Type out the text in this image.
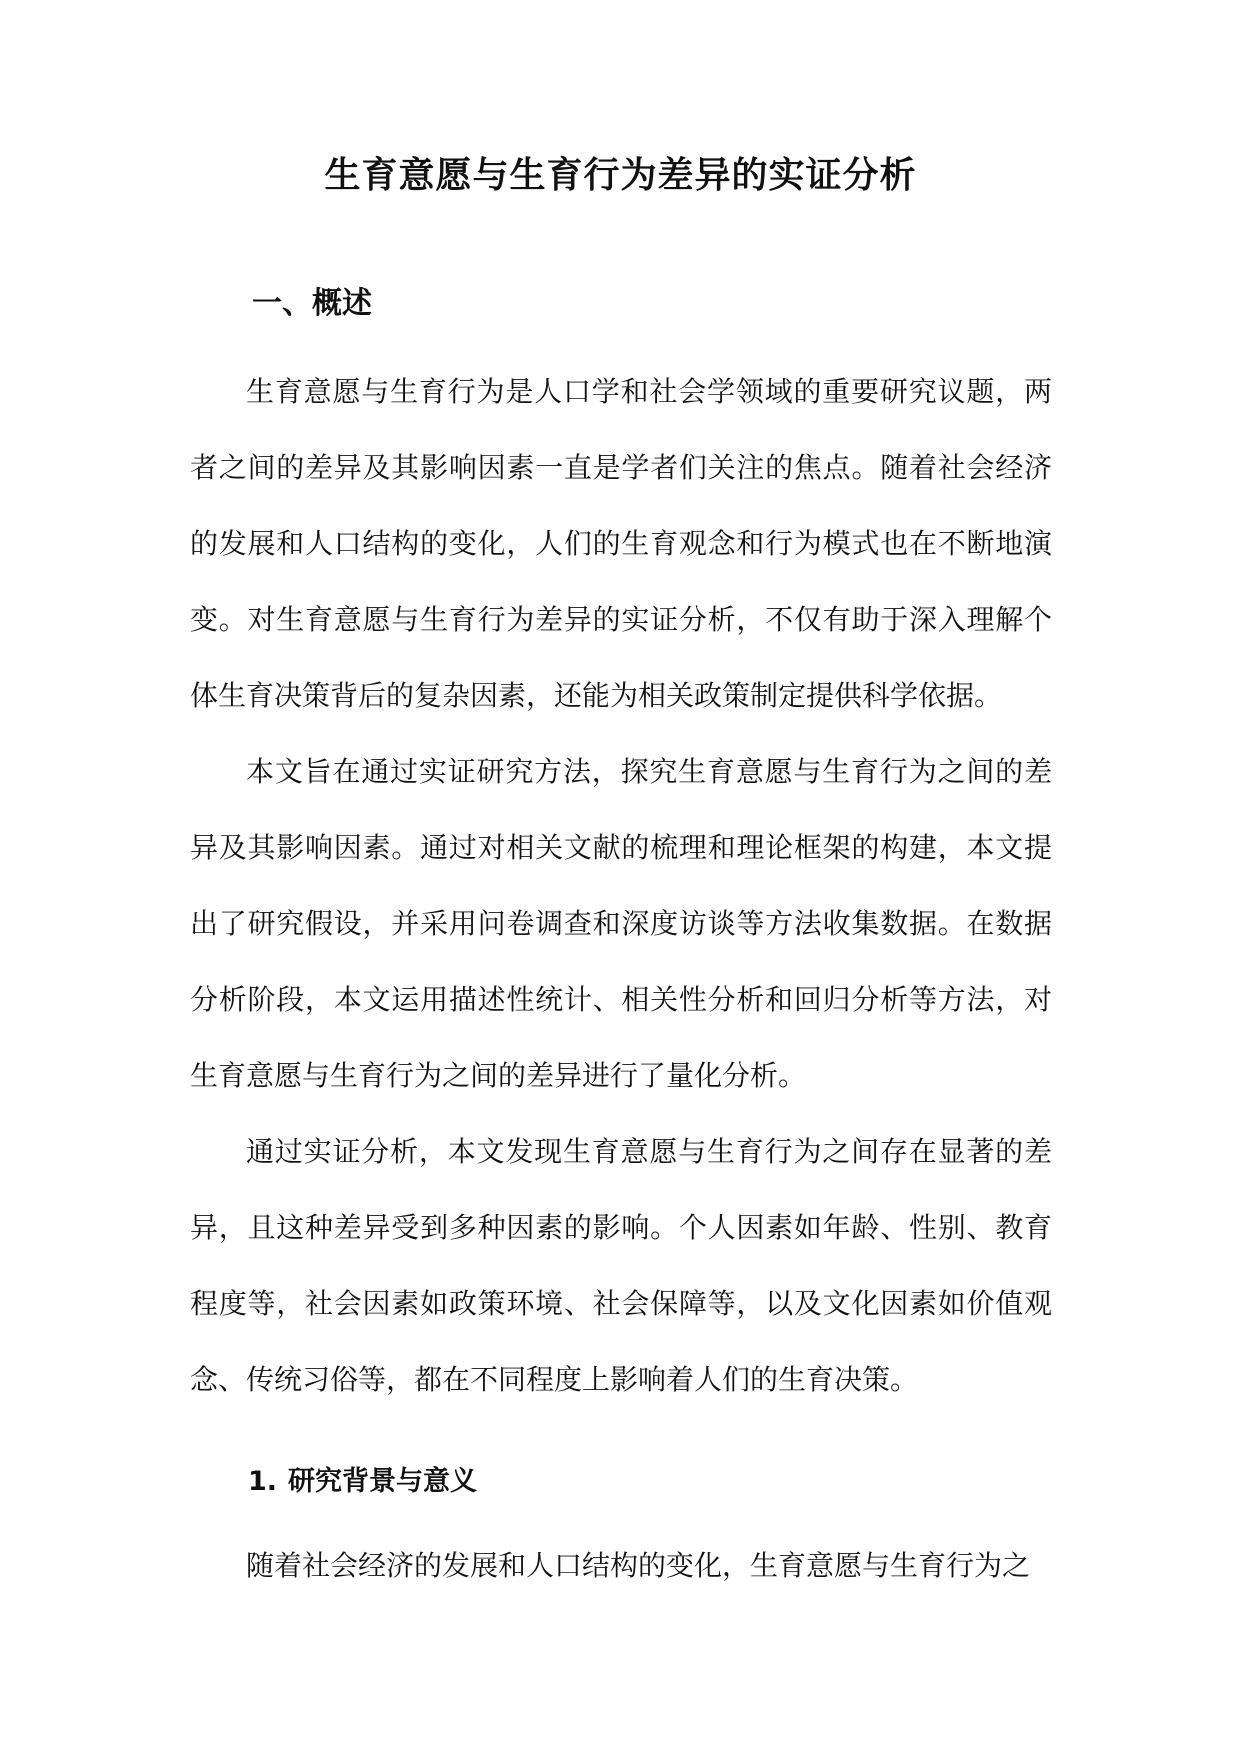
生育意愿与生育行为差异的实证分析
一、概述

生育意愿与生育行为是人口学和社会学领域的重要研究议题，两者之间的差异及其影响因素一直是学者们关注的焦点。随着社会经济的发展和人口结构的变化，人们的生育观念和行为模式也在不断地演变。对生育意愿与生育行为差异的实证分析，不仅有助于深入理解个体生育决策背后的复杂因素，还能为相关政策制定提供科学依据。

本文旨在通过实证研究方法，探究生育意愿与生育行为之间的差异及其影响因素。通过对相关文献的梳理和理论框架的构建，本文提出了研究假设，并采用问卷调查和深度访谈等方法收集数据。在数据分析阶段，本文运用描述性统计、相关性分析和回归分析等方法，对生育意愿与生育行为之间的差异进行了量化分析。

通过实证分析，本文发现生育意愿与生育行为之间存在显著的差异，且这种差异受到多种因素的影响。个人因素如年龄、性别、教育程度等，社会因素如政策环境、社会保障等，以及文化因素如价值观念、传统习俗等，都在不同程度上影响着人们的生育决策。

1. 研究背景与意义

随着社会经济的发展和人口结构的变化，生育意愿与生育行为之
